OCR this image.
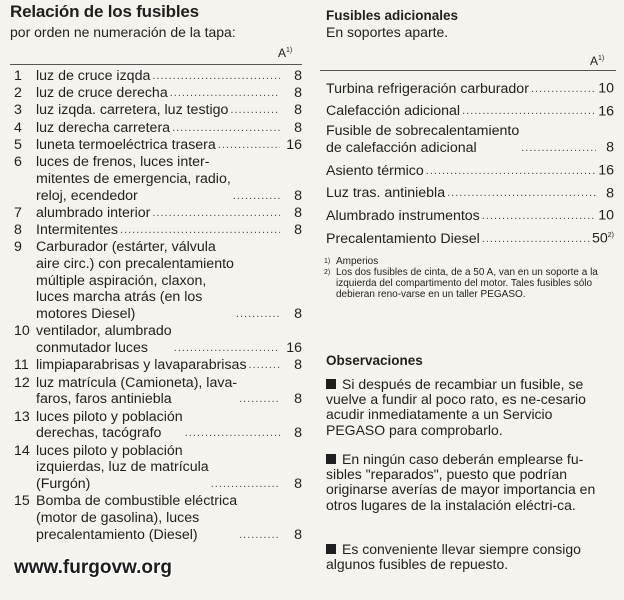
Relación de los fusibles
por orden ne numeración de la tapa:
$A^{1)}$
1 luz de cruce izqda .....	8
2 luz de cruce derecha .....	8
3 luz izqda. carretera, luz testigo .....	8
4 luz derecha carretera .....	8
5 luneta termoeléctrica trasera .....	16
6 luces de frenos, luces inter-
mitentes de emergencia, radio,
reloj, ecendedor .....	8
7 alumbrado interior .....	8
8 Intermitentes .....	8
9 Carburador (estárter, válvula
aire circ.) con precalentamiento
múltiple aspiración, claxon,
luces marcha atrás (en los
motores Diesel) .....	8
10 ventilador, alumbrado
conmutador luces .....	16
11 limpiaparabrisas y lavaparabrisas .....	8
12 luz matrícula (Camioneta), lava-
faros, faros antiniebla .....	8
13 luces piloto y población
derechas, tacógrafo .....	8
14 luces piloto y población
izquierdas, luz de matrícula
(Furgón) .....	8
15 Bomba de combustible eléctrica
(motor de gasolina), luces
precalentamiento (Diesel) .....	8
Fusibles adicionales
En soportes aparte.
$A^{1)}$
Turbina refrigeración carburador .....	10
Calefacción adicional .....	16
Fusible de sobrecalentamiento
de calefacción adicional .....	8
Asiento térmico .....	16
Luz tras. antiniebla .....	8
Alumbrado instrumentos .....	10
Precalentamiento Diesel .....	50$^{2)}$
1) Amperios
2) Los dos fusibles de cinta, de a 50 A, van en un soporte a la izquierda del compartimento del motor. Tales fusibles sólo debieran reno-varse en un taller PEGASO.
Observaciones
Si después de recambiar un fusible, se vuelve a fundir al poco rato, es ne-cesario acudir inmediatamente a un Servicio PEGASO para comprobarlo.
En ningún caso deberán emplearse fu-sibles "reparados", puesto que podrían originarse averías de mayor importancia en otros lugares de la instalación eléctri-ca.
Es conveniente llevar siempre consigo algunos fusibles de repuesto.
www.furgovw.org
